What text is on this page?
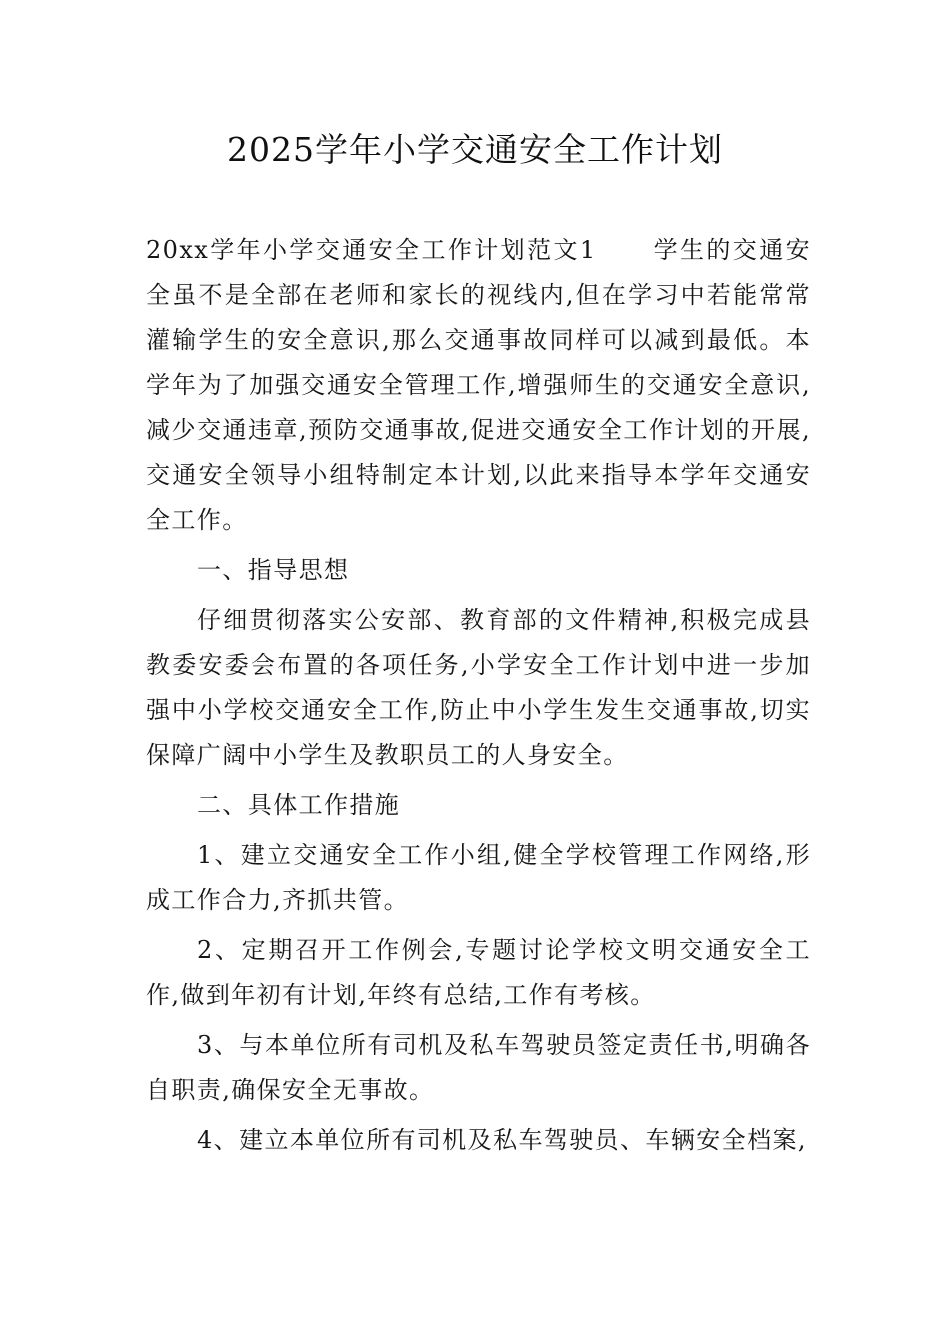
2025学年小学交通安全工作计划

20xx学年小学交通安全工作计划范文1 学生的交通安全虽不是全部在老师和家长的视线内,但在学习中若能常常灌输学生的安全意识,那么交通事故同样可以减到最低。本学年为了加强交通安全管理工作,增强师生的交通安全意识,减少交通违章,预防交通事故,促进交通安全工作计划的开展,交通安全领导小组特制定本计划,以此来指导本学年交通安全工作。

一、指导思想

仔细贯彻落实公安部、教育部的文件精神,积极完成县教委安委会布置的各项任务,小学安全工作计划中进一步加强中小学校交通安全工作,防止中小学生发生交通事故,切实保障广阔中小学生及教职员工的人身安全。

二、具体工作措施

1、建立交通安全工作小组,健全学校管理工作网络,形成工作合力,齐抓共管。

2、定期召开工作例会,专题讨论学校文明交通安全工作,做到年初有计划,年终有总结,工作有考核。

3、与本单位所有司机及私车驾驶员签定责任书,明确各自职责,确保安全无事故。

4、建立本单位所有司机及私车驾驶员、车辆安全档案,
